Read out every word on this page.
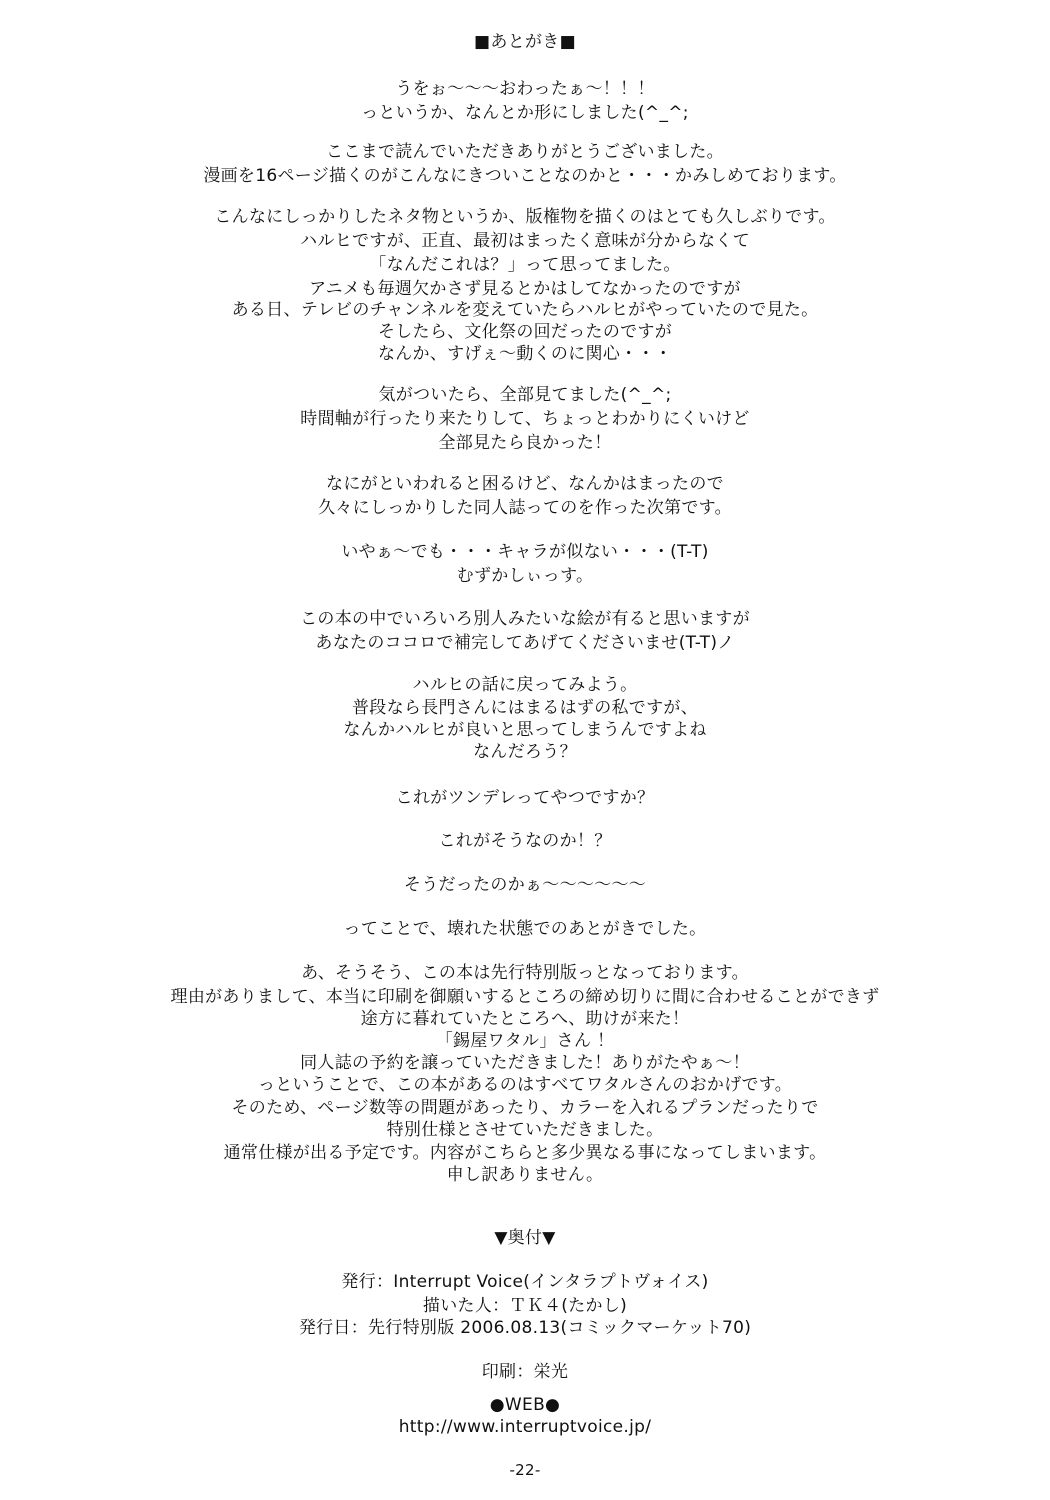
■あとがき■
うをぉ～～～おわったぁ～！！！
っというか、なんとか形にしました(^_^;
ここまで読んでいただきありがとうございました。
漫画を16ページ描くのがこんなにきついことなのかと・・・かみしめております。
こんなにしっかりしたネタ物というか、版権物を描くのはとても久しぶりです。
ハルヒですが、正直、最初はまったく意味が分からなくて
「なんだこれは？」って思ってました。
アニメも毎週欠かさず見るとかはしてなかったのですが
ある日、テレビのチャンネルを変えていたらハルヒがやっていたので見た。
そしたら、文化祭の回だったのですが
なんか、すげぇ～動くのに関心・・・
気がついたら、全部見てました(^_^;
時間軸が行ったり来たりして、ちょっとわかりにくいけど
全部見たら良かった！
なにがといわれると困るけど、なんかはまったので
久々にしっかりした同人誌ってのを作った次第です。
いやぁ～でも・・・キャラが似ない・・・(T-T)
むずかしぃっす。
この本の中でいろいろ別人みたいな絵が有ると思いますが
あなたのココロで補完してあげてくださいませ(T-T)ノ
ハルヒの話に戻ってみよう。
普段なら長門さんにはまるはずの私ですが、
なんかハルヒが良いと思ってしまうんですよね
なんだろう？
これがツンデレってやつですか？
これがそうなのか！？
そうだったのかぁ～～～～～～
ってことで、壊れた状態でのあとがきでした。
あ、そうそう、この本は先行特別版っとなっております。
理由がありまして、本当に印刷を御願いするところの締め切りに間に合わせることができず
途方に暮れていたところへ、助けが来た！
「錫屋ワタル」さん ！
同人誌の予約を譲っていただきました！ありがたやぁ～！
っということで、この本があるのはすべてワタルさんのおかげです。
そのため、ページ数等の問題があったり、カラーを入れるプランだったりで
特別仕様とさせていただきました。
通常仕様が出る予定です。内容がこちらと多少異なる事になってしまいます。
申し訳ありません。
▼奥付▼
発行：Interrupt Voice(インタラプトヴォイス)
描いた人：ＴＫ４(たかし)
発行日：先行特別版 2006.08.13(コミックマーケット70)
印刷：栄光
●WEB●
http://www.interruptvoice.jp/
-22-
